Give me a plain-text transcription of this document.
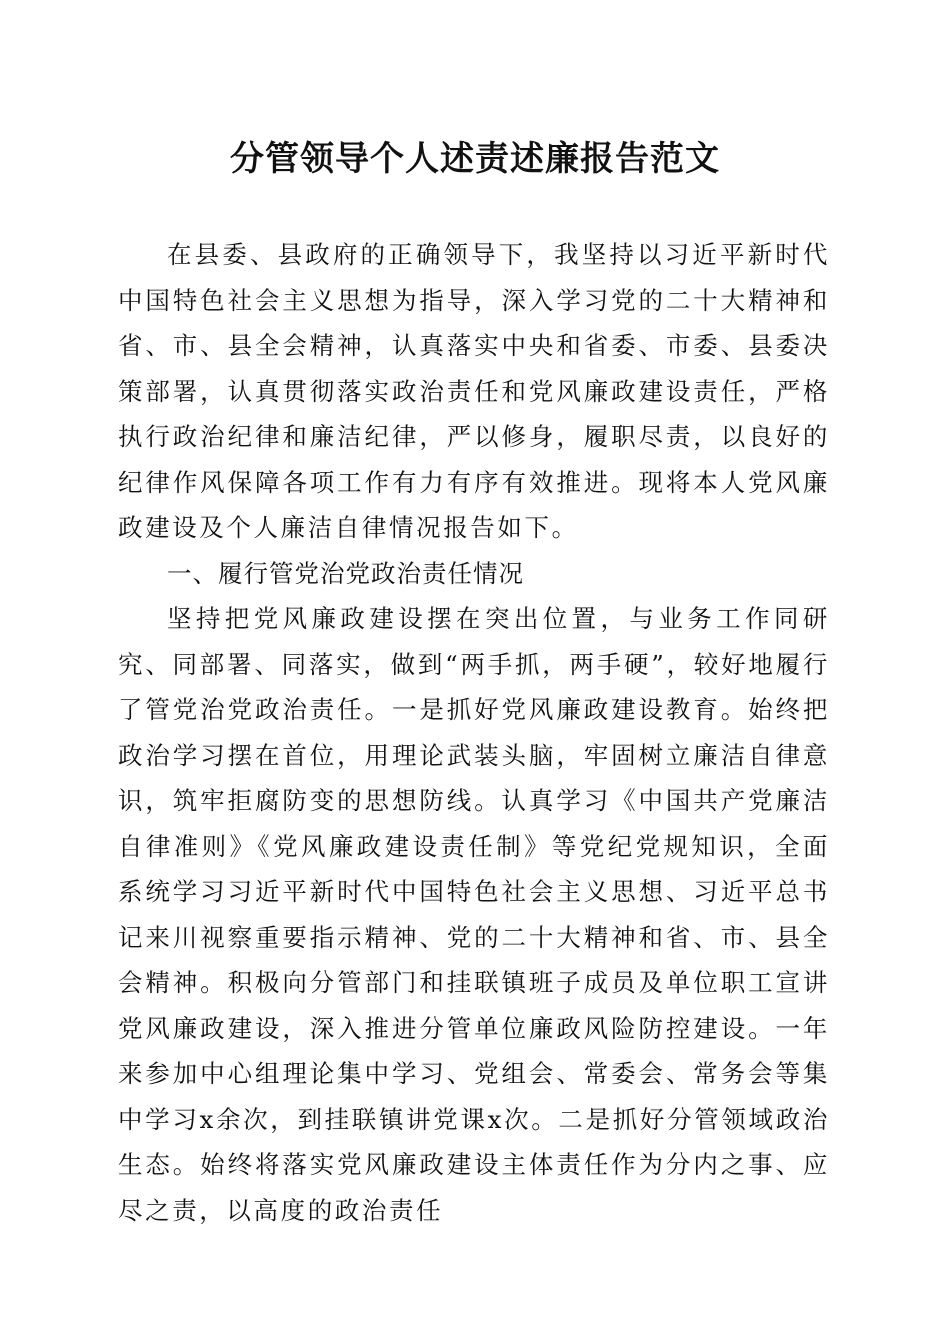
分管领导个人述责述廉报告范文

在县委、县政府的正确领导下，我坚持以习近平新时代中国特色社会主义思想为指导，深入学习党的二十大精神和省、市、县全会精神，认真落实中央和省委、市委、县委决策部署，认真贯彻落实政治责任和党风廉政建设责任，严格执行政治纪律和廉洁纪律，严以修身，履职尽责，以良好的纪律作风保障各项工作有力有序有效推进。现将本人党风廉政建设及个人廉洁自律情况报告如下。

一、履行管党治党政治责任情况

坚持把党风廉政建设摆在突出位置，与业务工作同研究、同部署、同落实，做到“两手抓，两手硬”，较好地履行了管党治党政治责任。一是抓好党风廉政建设教育。始终把政治学习摆在首位，用理论武装头脑，牢固树立廉洁自律意识，筑牢拒腐防变的思想防线。认真学习《中国共产党廉洁自律准则》《党风廉政建设责任制》等党纪党规知识，全面系统学习习近平新时代中国特色社会主义思想、习近平总书记来川视察重要指示精神、党的二十大精神和省、市、县全会精神。积极向分管部门和挂联镇班子成员及单位职工宣讲党风廉政建设，深入推进分管单位廉政风险防控建设。一年来参加中心组理论集中学习、党组会、常委会、常务会等集中学习x余次，到挂联镇讲党课x次。二是抓好分管领域政治生态。始终将落实党风廉政建设主体责任作为分内之事、应尽之责，以高度的政治责任
